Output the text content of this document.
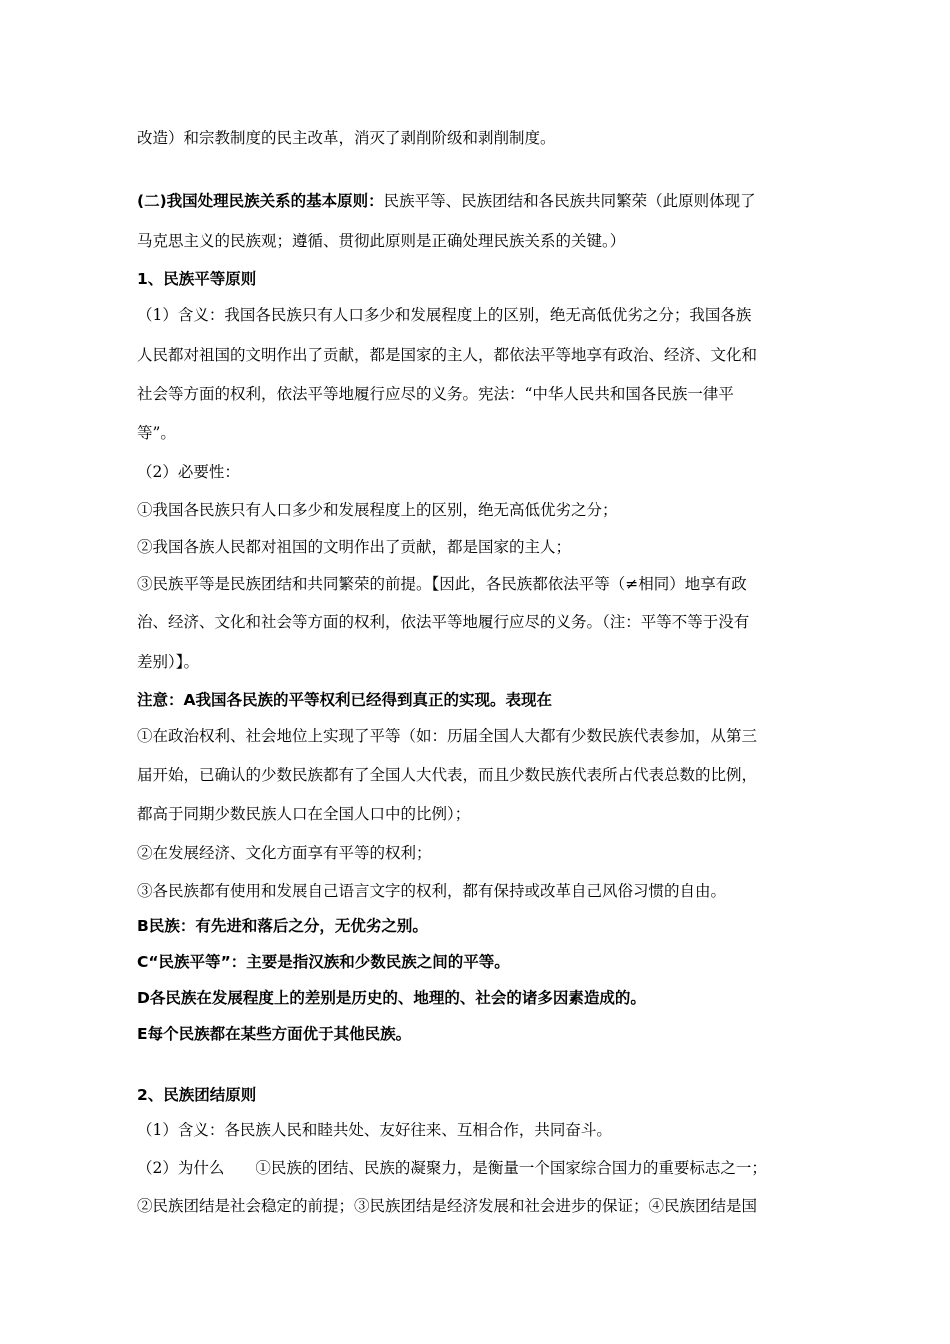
改造）和宗教制度的民主改革，消灭了剥削阶级和剥削制度。
(二)我国处理民族关系的基本原则：民族平等、民族团结和各民族共同繁荣（此原则体现了
马克思主义的民族观；遵循、贯彻此原则是正确处理民族关系的关键。）
1、民族平等原则
（1）含义：我国各民族只有人口多少和发展程度上的区别，绝无高低优劣之分；我国各族
人民都对祖国的文明作出了贡献，都是国家的主人，都依法平等地享有政治、经济、文化和
社会等方面的权利，依法平等地履行应尽的义务。宪法：“中华人民共和国各民族一律平
等”。
（2）必要性：
①我国各民族只有人口多少和发展程度上的区别，绝无高低优劣之分；
②我国各族人民都对祖国的文明作出了贡献，都是国家的主人；
③民族平等是民族团结和共同繁荣的前提。【因此，各民族都依法平等（≠相同）地享有政
治、经济、文化和社会等方面的权利，依法平等地履行应尽的义务。（注：平等不等于没有
差别）】。
注意：A我国各民族的平等权利已经得到真正的实现。表现在
①在政治权利、社会地位上实现了平等（如：历届全国人大都有少数民族代表参加，从第三
届开始，已确认的少数民族都有了全国人大代表，而且少数民族代表所占代表总数的比例，
都高于同期少数民族人口在全国人口中的比例）；
②在发展经济、文化方面享有平等的权利；
③各民族都有使用和发展自己语言文字的权利，都有保持或改革自己风俗习惯的自由。
B民族：有先进和落后之分，无优劣之别。
C“民族平等”：主要是指汉族和少数民族之间的平等。
D各民族在发展程度上的差别是历史的、地理的、社会的诸多因素造成的。
E每个民族都在某些方面优于其他民族。
2、民族团结原则
（1）含义：各民族人民和睦共处、友好往来、互相合作，共同奋斗。
（2）为什么　　①民族的团结、民族的凝聚力，是衡量一个国家综合国力的重要标志之一；
②民族团结是社会稳定的前提；③民族团结是经济发展和社会进步的保证；④民族团结是国
